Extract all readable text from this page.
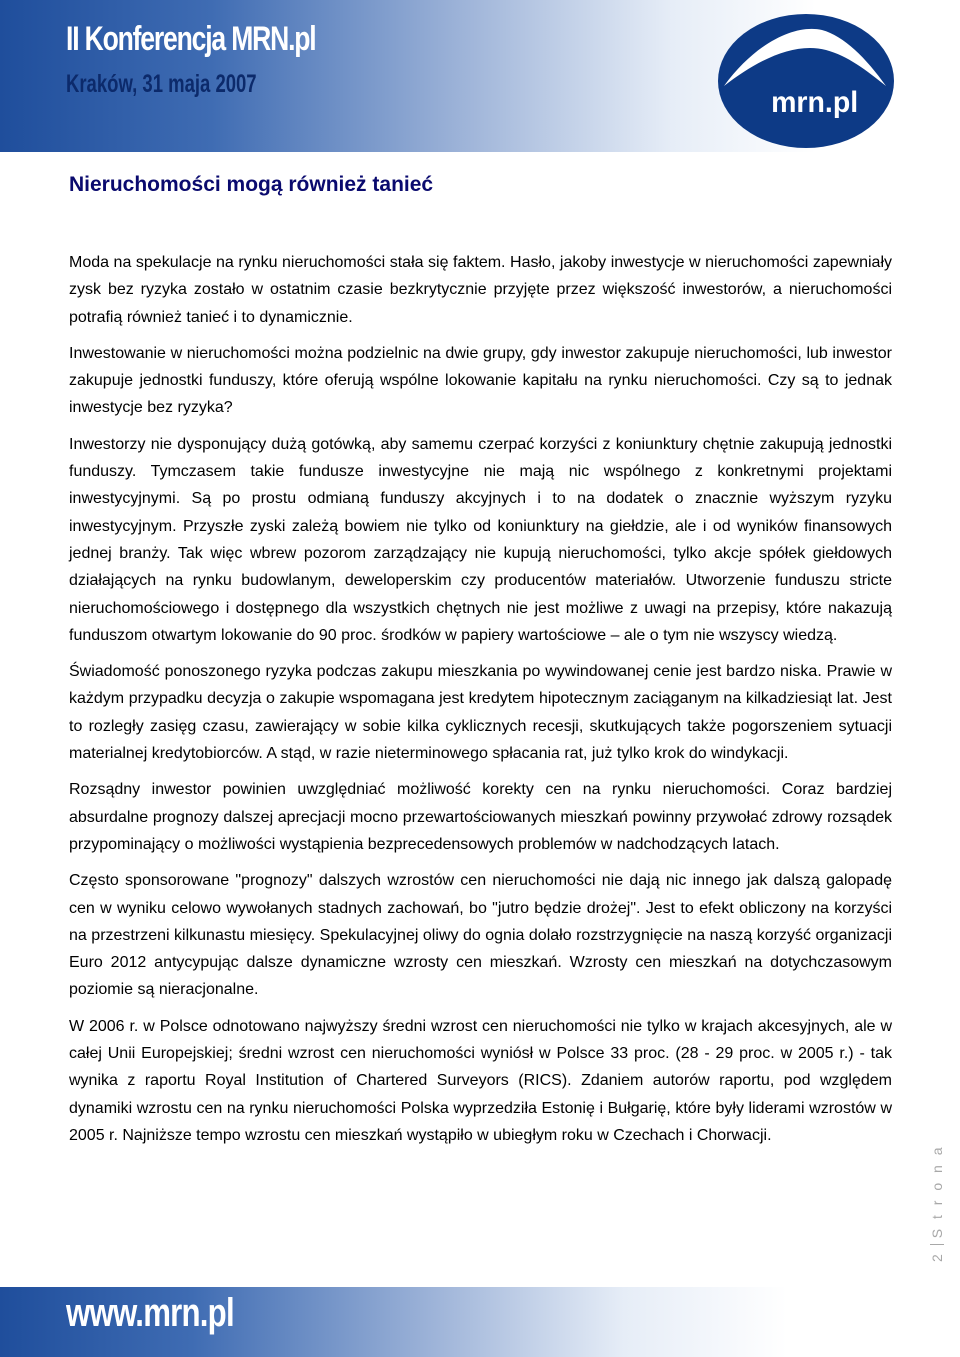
II Konferencja MRN.pl
Kraków, 31 maja 2007
mrn.pl
Nieruchomości mogą również tanieć

Moda na spekulacje na rynku nieruchomości stała się faktem. Hasło, jakoby inwestycje w nieruchomości zapewniały zysk bez ryzyka zostało w ostatnim czasie bezkrytycznie przyjęte przez większość inwestorów, a nieruchomości potrafią również tanieć i to dynamicznie.

Inwestowanie w nieruchomości można podzielnic na dwie grupy, gdy inwestor zakupuje nieruchomości, lub inwestor zakupuje jednostki funduszy, które oferują wspólne lokowanie kapitału na rynku nieruchomości. Czy są to jednak inwestycje bez ryzyka?

Inwestorzy nie dysponujący dużą gotówką, aby samemu czerpać korzyści z koniunktury chętnie zakupują jednostki funduszy. Tymczasem takie fundusze inwestycyjne nie mają nic wspólnego z konkretnymi projektami inwestycyjnymi. Są po prostu odmianą funduszy akcyjnych i to na dodatek o znacznie wyższym ryzyku inwestycyjnym. Przyszłe zyski zależą bowiem nie tylko od koniunktury na giełdzie, ale i od wyników finansowych jednej branży. Tak więc wbrew pozorom zarządzający nie kupują nieruchomości, tylko akcje spółek giełdowych działających na rynku budowlanym, deweloperskim czy producentów materiałów. Utworzenie funduszu stricte nieruchomościowego i dostępnego dla wszystkich chętnych nie jest możliwe z uwagi na przepisy, które nakazują funduszom otwartym lokowanie do 90 proc. środków w papiery wartościowe – ale o tym nie wszyscy wiedzą.

Świadomość ponoszonego ryzyka podczas zakupu mieszkania po wywindowanej cenie jest bardzo niska. Prawie w każdym przypadku decyzja o zakupie wspomagana jest kredytem hipotecznym zaciąganym na kilkadziesiąt lat. Jest to rozległy zasięg czasu, zawierający w sobie kilka cyklicznych recesji, skutkujących także pogorszeniem sytuacji materialnej kredytobiorców. A stąd, w razie nieterminowego spłacania rat, już tylko krok do windykacji.

Rozsądny inwestor powinien uwzględniać możliwość korekty cen na rynku nieruchomości. Coraz bardziej absurdalne prognozy dalszej aprecjacji mocno przewartościowanych mieszkań powinny przywołać zdrowy rozsądek przypominający o możliwości wystąpienia bezprecedensowych problemów w nadchodzących latach.

Często sponsorowane "prognozy" dalszych wzrostów cen nieruchomości nie dają nic innego jak dalszą galopadę cen w wyniku celowo wywołanych stadnych zachowań, bo "jutro będzie drożej". Jest to efekt obliczony na korzyści na przestrzeni kilkunastu miesięcy. Spekulacyjnej oliwy do ognia dolało rozstrzygnięcie na naszą korzyść organizacji Euro 2012 antycypując dalsze dynamiczne wzrosty cen mieszkań. Wzrosty cen mieszkań na dotychczasowym poziomie są nieracjonalne.

W 2006 r. w Polsce odnotowano najwyższy średni wzrost cen nieruchomości nie tylko w krajach akcesyjnych, ale w całej Unii Europejskiej; średni wzrost cen nieruchomości wyniósł w Polsce 33 proc. (28 - 29 proc. w 2005 r.) - tak wynika z raportu Royal Institution of Chartered Surveyors (RICS). Zdaniem autorów raportu, pod względem dynamiki wzrostu cen na rynku nieruchomości Polska wyprzedziła Estonię i Bułgarię, które były liderami wzrostów w 2005 r. Najniższe tempo wzrostu cen mieszkań wystąpiło w ubiegłym roku w Czechach i Chorwacji.

2S t r o n a
www.mrn.pl
